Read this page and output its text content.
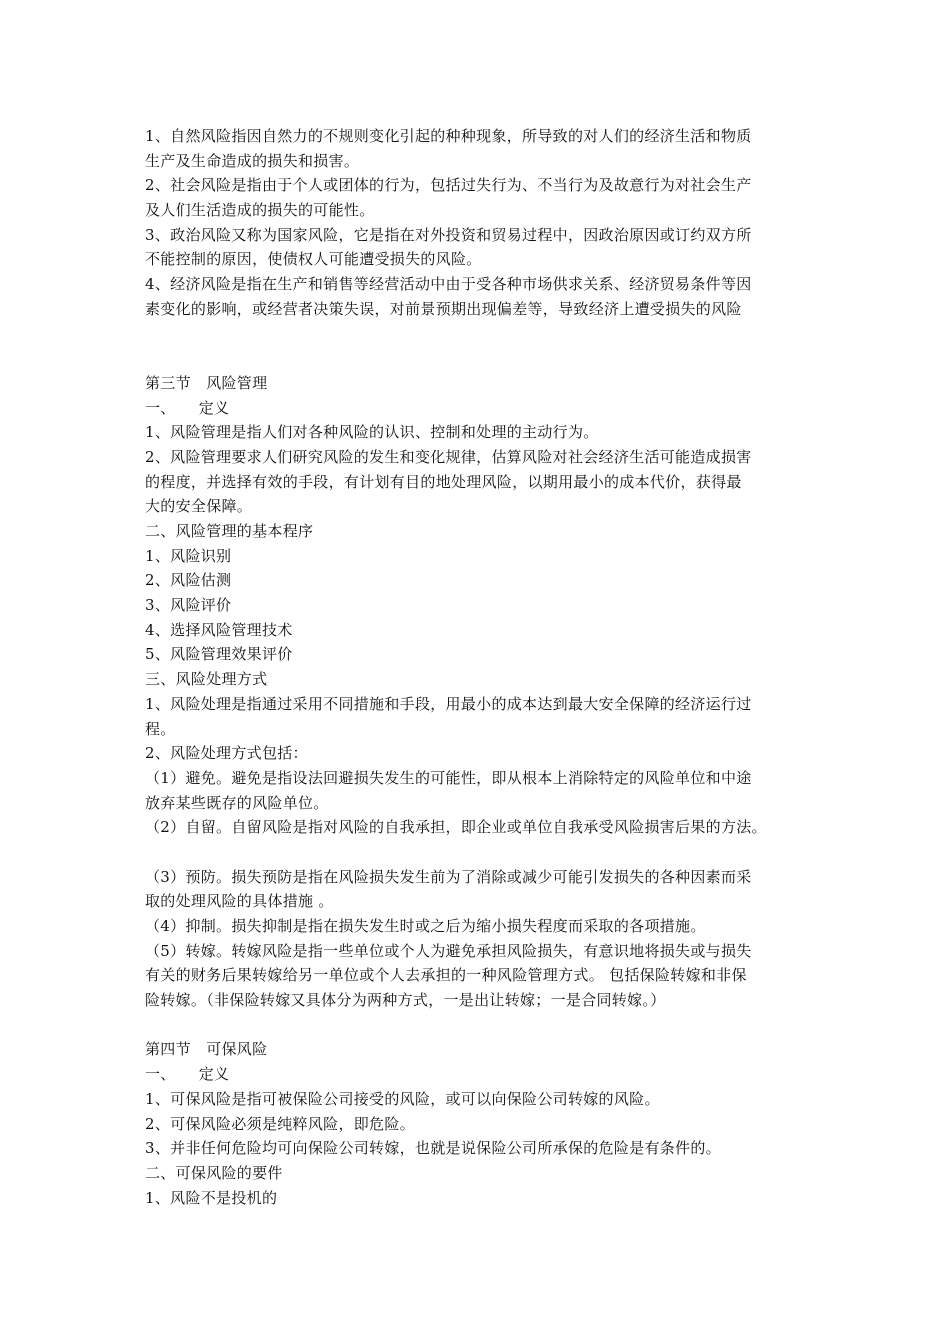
1、自然风险指因自然力的不规则变化引起的种种现象，所导致的对人们的经济生活和物质
生产及生命造成的损失和损害。
2、社会风险是指由于个人或团体的行为，包括过失行为、不当行为及故意行为对社会生产
及人们生活造成的损失的可能性。
3、政治风险又称为国家风险，它是指在对外投资和贸易过程中，因政治原因或订约双方所
不能控制的原因，使债权人可能遭受损失的风险。
4、经济风险是指在生产和销售等经营活动中由于受各种市场供求关系、经济贸易条件等因
素变化的影响，或经营者决策失误，对前景预期出现偏差等，导致经济上遭受损失的风险
第三节　风险管理
一、　　定义
1、风险管理是指人们对各种风险的认识、控制和处理的主动行为。
2、风险管理要求人们研究风险的发生和变化规律，估算风险对社会经济生活可能造成损害
的程度，并选择有效的手段，有计划有目的地处理风险，以期用最小的成本代价，获得最
大的安全保障。
二、风险管理的基本程序
1、风险识别
2、风险估测
3、风险评价
4、选择风险管理技术
5、风险管理效果评价
三、风险处理方式
1、风险处理是指通过采用不同措施和手段，用最小的成本达到最大安全保障的经济运行过
程。
2、风险处理方式包括：
（1）避免。避免是指设法回避损失发生的可能性，即从根本上消除特定的风险单位和中途
放弃某些既存的风险单位。
（2）自留。自留风险是指对风险的自我承担，即企业或单位自我承受风险损害后果的方法。
（3）预防。损失预防是指在风险损失发生前为了消除或减少可能引发损失的各种因素而采
取的处理风险的具体措施 。
（4）抑制。损失抑制是指在损失发生时或之后为缩小损失程度而采取的各项措施。
（5）转嫁。转嫁风险是指一些单位或个人为避免承担风险损失，有意识地将损失或与损失
有关的财务后果转嫁给另一单位或个人去承担的一种风险管理方式。 包括保险转嫁和非保
险转嫁。（非保险转嫁又具体分为两种方式，一是出让转嫁；一是合同转嫁。）
第四节　可保风险
一、　　定义
1、可保风险是指可被保险公司接受的风险，或可以向保险公司转嫁的风险。
2、可保风险必须是纯粹风险，即危险。
3、并非任何危险均可向保险公司转嫁，也就是说保险公司所承保的危险是有条件的。
二、可保风险的要件
1、风险不是投机的
